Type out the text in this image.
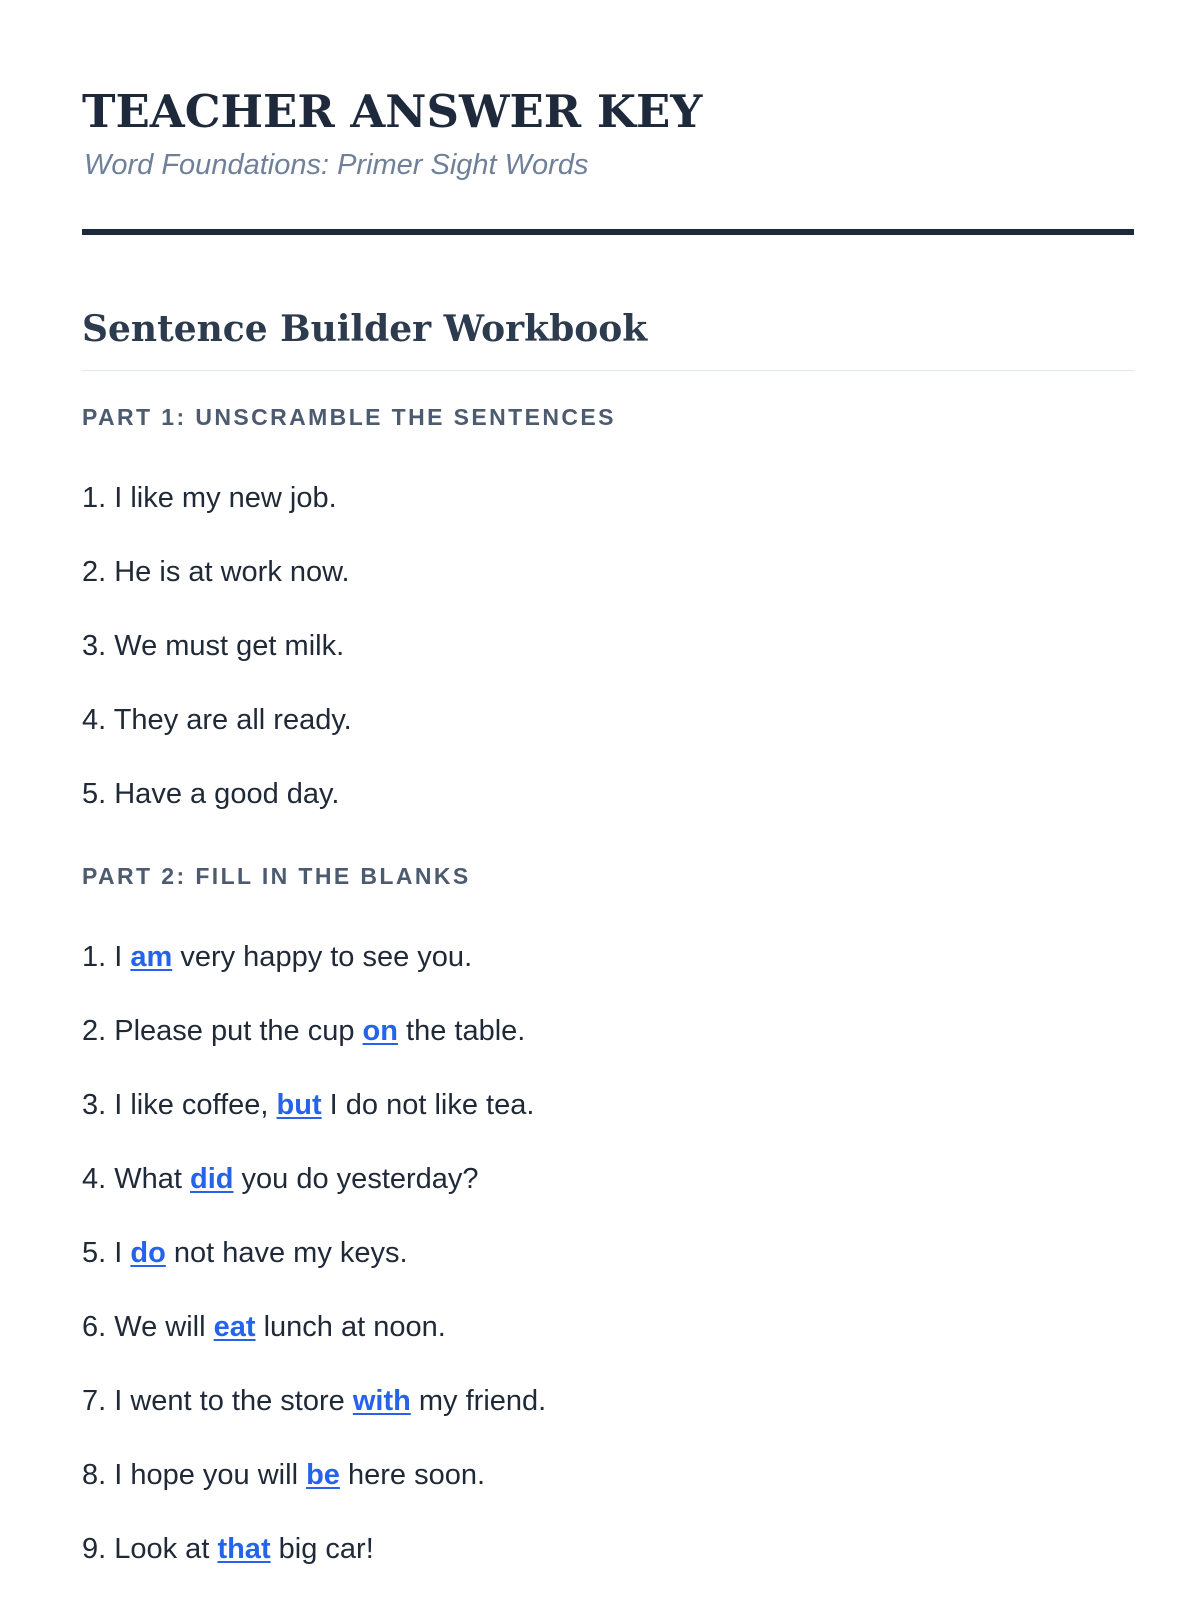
TEACHER ANSWER KEY
Word Foundations: Primer Sight Words
Sentence Builder Workbook
PART 1: UNSCRAMBLE THE SENTENCES
1. I like my new job.
2. He is at work now.
3. We must get milk.
4. They are all ready.
5. Have a good day.
PART 2: FILL IN THE BLANKS
1. I am very happy to see you.
2. Please put the cup on the table.
3. I like coffee, but I do not like tea.
4. What did you do yesterday?
5. I do not have my keys.
6. We will eat lunch at noon.
7. I went to the store with my friend.
8. I hope you will be here soon.
9. Look at that big car!
